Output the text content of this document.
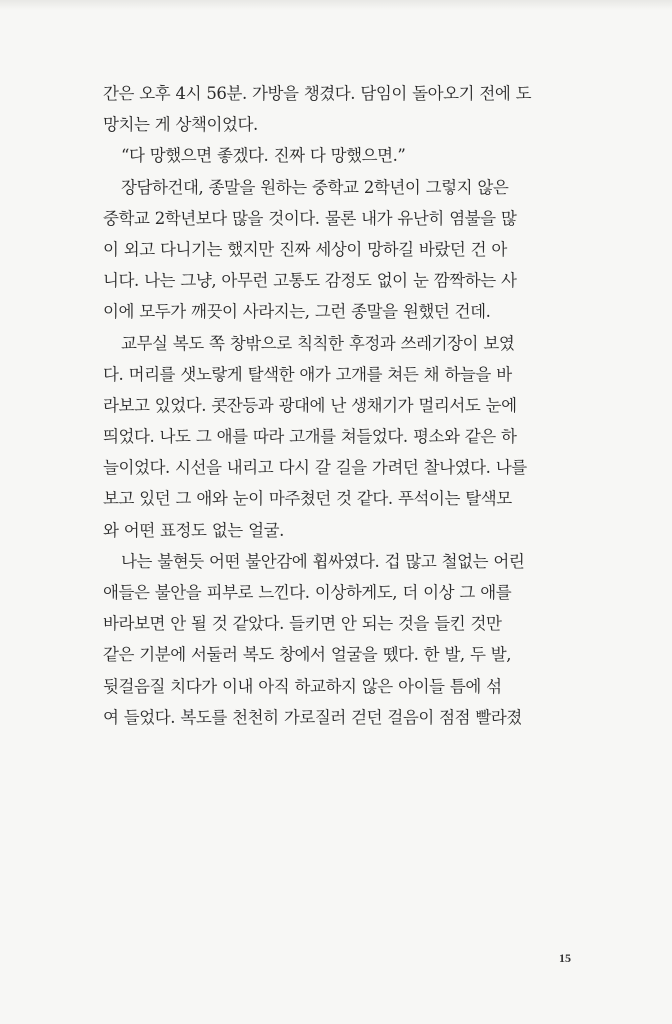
간은 오후 4시 56분. 가방을 챙겼다. 담임이 돌아오기 전에 도
망치는 게 상책이었다.
“다 망했으면 좋겠다. 진짜 다 망했으면.”
장담하건대, 종말을 원하는 중학교 2학년이 그렇지 않은
중학교 2학년보다 많을 것이다. 물론 내가 유난히 염불을 많
이 외고 다니기는 했지만 진짜 세상이 망하길 바랐던 건 아
니다. 나는 그냥, 아무런 고통도 감정도 없이 눈 깜짝하는 사
이에 모두가 깨끗이 사라지는, 그런 종말을 원했던 건데.
교무실 복도 쪽 창밖으로 칙칙한 후정과 쓰레기장이 보였
다. 머리를 샛노랗게 탈색한 애가 고개를 쳐든 채 하늘을 바
라보고 있었다. 콧잔등과 광대에 난 생채기가 멀리서도 눈에
띄었다. 나도 그 애를 따라 고개를 쳐들었다. 평소와 같은 하
늘이었다. 시선을 내리고 다시 갈 길을 가려던 찰나였다. 나를
보고 있던 그 애와 눈이 마주쳤던 것 같다. 푸석이는 탈색모
와 어떤 표정도 없는 얼굴.
나는 불현듯 어떤 불안감에 휩싸였다. 겁 많고 철없는 어린
애들은 불안을 피부로 느낀다. 이상하게도, 더 이상 그 애를
바라보면 안 될 것 같았다. 들키면 안 되는 것을 들킨 것만
같은 기분에 서둘러 복도 창에서 얼굴을 뗐다. 한 발, 두 발,
뒷걸음질 치다가 이내 아직 하교하지 않은 아이들 틈에 섞
여 들었다. 복도를 천천히 가로질러 걷던 걸음이 점점 빨라졌
15
